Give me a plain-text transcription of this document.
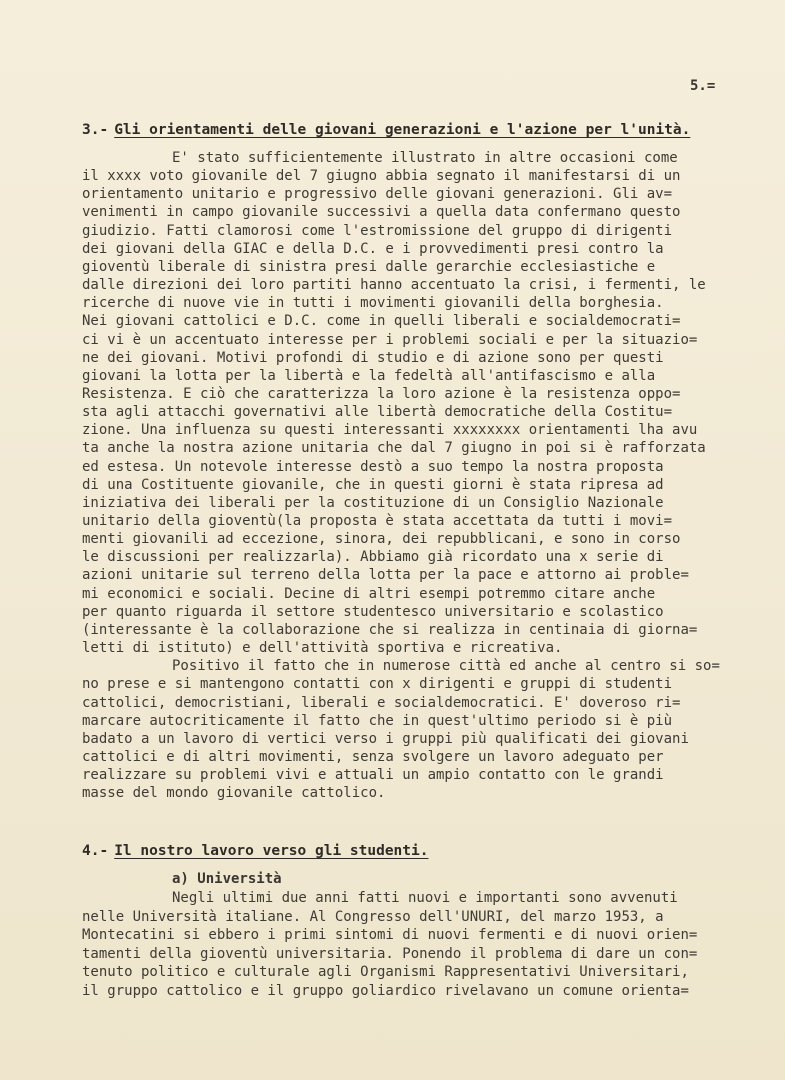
5.=
3.- Gli orientamenti delle giovani generazioni e l'azione per l'unità.
E' stato sufficientemente illustrato in altre occasioni come
il xxxx voto giovanile del 7 giugno abbia segnato il manifestarsi di un
orientamento unitario e progressivo delle giovani generazioni. Gli av=
venimenti in campo giovanile successivi a quella data confermano questo
giudizio. Fatti clamorosi come l'estromissione del gruppo di dirigenti
dei giovani della GIAC e della D.C. e i provvedimenti presi contro la
gioventù liberale di sinistra presi dalle gerarchie ecclesiastiche e
dalle direzioni dei loro partiti hanno accentuato la crisi, i fermenti, le
ricerche di nuove vie in tutti i movimenti giovanili della borghesia.
Nei giovani cattolici e D.C. come in quelli liberali e socialdemocrati=
ci vi è un accentuato interesse per i problemi sociali e per la situazio=
ne dei giovani. Motivi profondi di studio e di azione sono per questi
giovani la lotta per la libertà e la fedeltà all'antifascismo e alla
Resistenza. E ciò che caratterizza la loro azione è la resistenza oppo=
sta agli attacchi governativi alle libertà democratiche della Costitu=
zione. Una influenza su questi interessanti xxxxxxxx orientamenti lha avu
ta anche la nostra azione unitaria che dal 7 giugno in poi si è rafforzata
ed estesa. Un notevole interesse destò a suo tempo la nostra proposta
di una Costituente giovanile, che in questi giorni è stata ripresa ad
iniziativa dei liberali per la costituzione di un Consiglio Nazionale
unitario della gioventù(la proposta è stata accettata da tutti i movi=
menti giovanili ad eccezione, sinora, dei repubblicani, e sono in corso
le discussioni per realizzarla). Abbiamo già ricordato una x serie di
azioni unitarie sul terreno della lotta per la pace e attorno ai proble=
mi economici e sociali. Decine di altri esempi potremmo citare anche
per quanto riguarda il settore studentesco universitario e scolastico
(interessante è la collaborazione che si realizza in centinaia di giorna=
letti di istituto) e dell'attività sportiva e ricreativa.
Positivo il fatto che in numerose città ed anche al centro si so=
no prese e si mantengono contatti con x dirigenti e gruppi di studenti
cattolici, democristiani, liberali e socialdemocratici. E' doveroso ri=
marcare autocriticamente il fatto che in quest'ultimo periodo si è più
badato a un lavoro di vertici verso i gruppi più qualificati dei giovani
cattolici e di altri movimenti, senza svolgere un lavoro adeguato per
realizzare su problemi vivi e attuali un ampio contatto con le grandi
masse del mondo giovanile cattolico.
4.- Il nostro lavoro verso gli studenti.
a) Università
Negli ultimi due anni fatti nuovi e importanti sono avvenuti
nelle Università italiane. Al Congresso dell'UNURI, del marzo 1953, a
Montecatini si ebbero i primi sintomi di nuovi fermenti e di nuovi orien=
tamenti della gioventù universitaria. Ponendo il problema di dare un con=
tenuto politico e culturale agli Organismi Rappresentativi Universitari,
il gruppo cattolico e il gruppo goliardico rivelavano un comune orienta=
